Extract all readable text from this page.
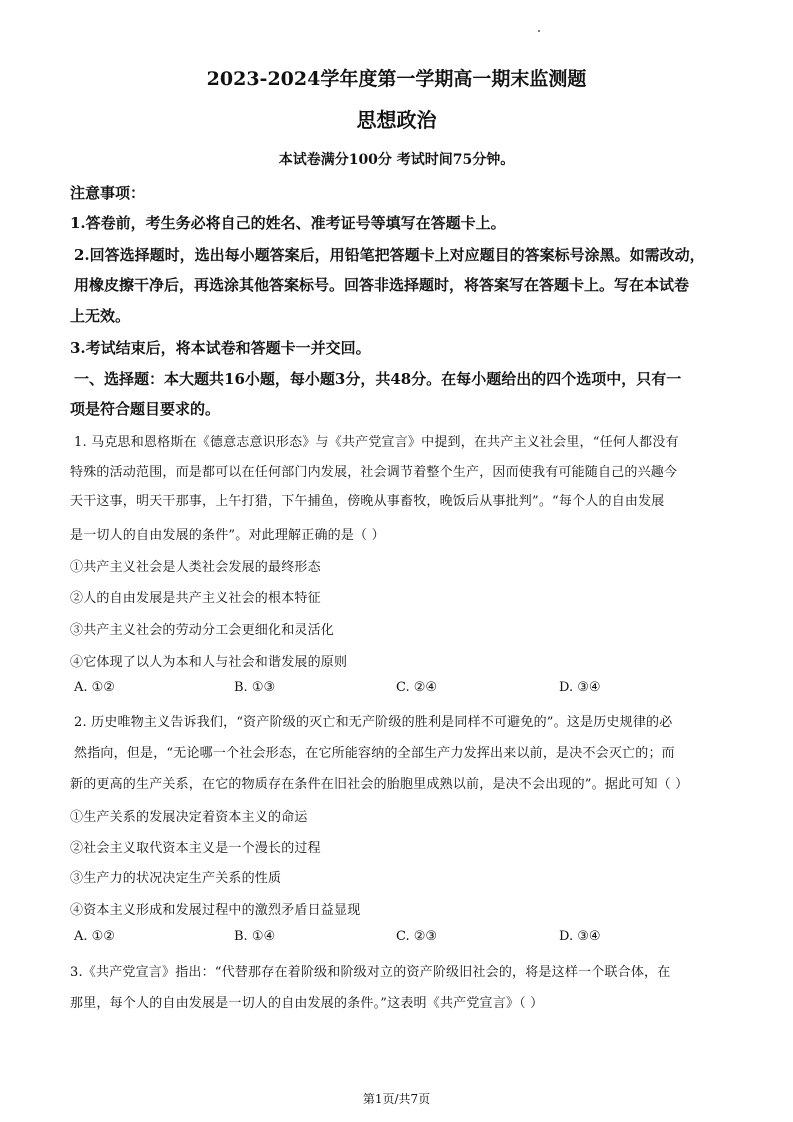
2023-2024学年度第一学期高一期末监测题
思想政治
本试卷满分100分 考试时间75分钟。
注意事项：
1.答卷前，考生务必将自己的姓名、准考证号等填写在答题卡上。
2.回答选择题时，选出每小题答案后，用铅笔把答题卡上对应题目的答案标号涂黑。如需改动，
用橡皮擦干净后，再选涂其他答案标号。回答非选择题时，将答案写在答题卡上。写在本试卷
上无效。
3.考试结束后，将本试卷和答题卡一并交回。
一、选择题：本大题共16小题，每小题3分，共48分。在每小题给出的四个选项中，只有一
项是符合题目要求的。
1. 马克思和恩格斯在《德意志意识形态》与《共产党宣言》中提到，在共产主义社会里，“任何人都没有
特殊的活动范围，而是都可以在任何部门内发展，社会调节着整个生产，因而使我有可能随自己的兴趣今
天干这事，明天干那事，上午打猎，下午捕鱼，傍晚从事畜牧，晚饭后从事批判”。“每个人的自由发展
是一切人的自由发展的条件”。对此理解正确的是（ ）
①共产主义社会是人类社会发展的最终形态
②人的自由发展是共产主义社会的根本特征
③共产主义社会的劳动分工会更细化和灵活化
④它体现了以人为本和人与社会和谐发展的原则
A. ①②	B. ①③	C. ②④	D. ③④
2. 历史唯物主义告诉我们，“资产阶级的灭亡和无产阶级的胜利是同样不可避免的”。这是历史规律的必
然指向，但是，“无论哪一个社会形态，在它所能容纳的全部生产力发挥出来以前，是决不会灭亡的；而
新的更高的生产关系，在它的物质存在条件在旧社会的胎胞里成熟以前，是决不会出现的”。据此可知（ ）
①生产关系的发展决定着资本主义的命运
②社会主义取代资本主义是一个漫长的过程
③生产力的状况决定生产关系的性质
④资本主义形成和发展过程中的激烈矛盾日益显现
A. ①②	B. ①④	C. ②③	D. ③④
3.《共产党宣言》指出：“代替那存在着阶级和阶级对立的资产阶级旧社会的，将是这样一个联合体，在
那里，每个人的自由发展是一切人的自由发展的条件。”这表明《共产党宣言》（ ）
第1页/共7页
